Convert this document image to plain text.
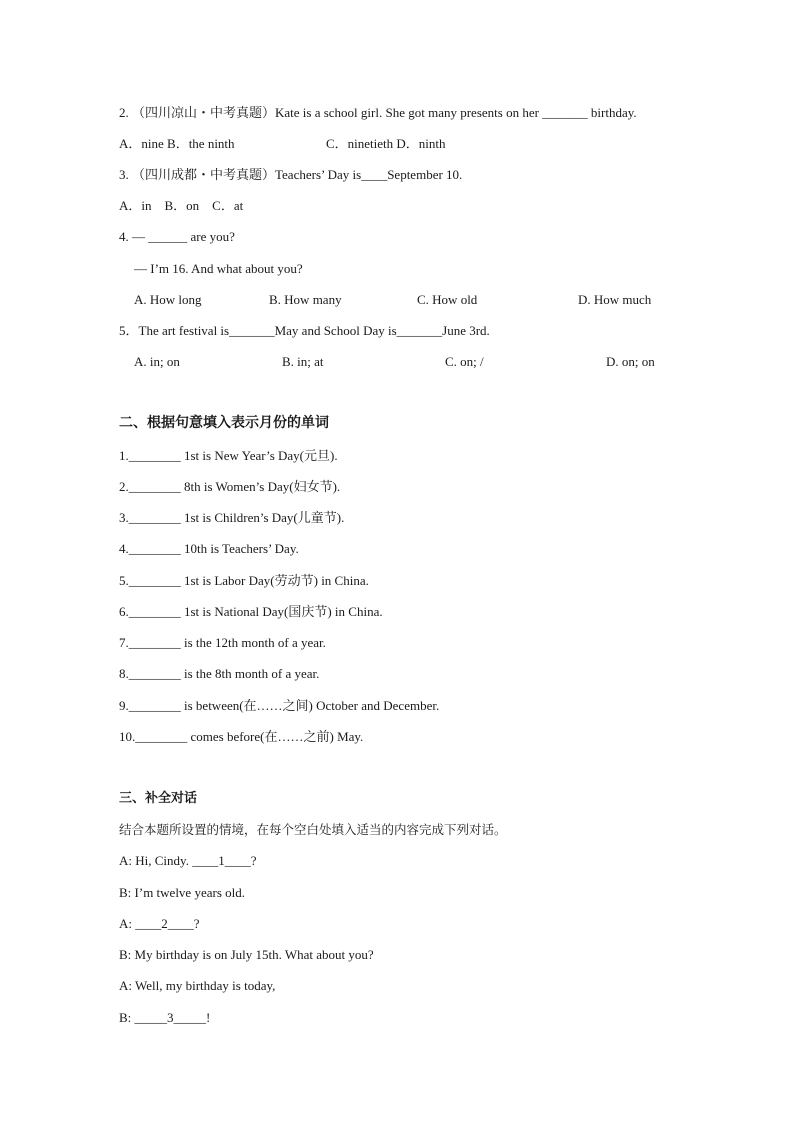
2. （四川凉山・中考真题）Kate is a school girl. She got many presents on her _______ birthday.
A．nine B．the ninth	C．ninetieth D．ninth
3. （四川成都・中考真题）Teachers’ Day is____September 10.
A．in    B．on    C．at
4. — ______ are you?
— I’m 16. And what about you?
A. How long	B. How many	C. How old	D. How much
5．The art festival is_______May and School Day is_______June 3rd.
A. in; on	B. in; at	C. on; /	D. on; on
二、根据句意填入表示月份的单词
1.________ 1st is New Year’s Day(元旦).
2.________ 8th is Women’s Day(妇女节).
3.________ 1st is Children’s Day(儿童节).
4.________ 10th is Teachers’ Day.
5.________ 1st is Labor Day(劳动节) in China.
6.________ 1st is National Day(国庆节) in China.
7.________ is the 12th month of a year.
8.________ is the 8th month of a year.
9.________ is between(在……之间) October and December.
10.________ comes before(在……之前) May.
三、补全对话
结合本题所设置的情境，在每个空白处填入适当的内容完成下列对话。
A: Hi, Cindy. ____1____?
B: I’m twelve years old.
A: ____2____?
B: My birthday is on July 15th. What about you?
A: Well, my birthday is today,
B: _____3_____!
